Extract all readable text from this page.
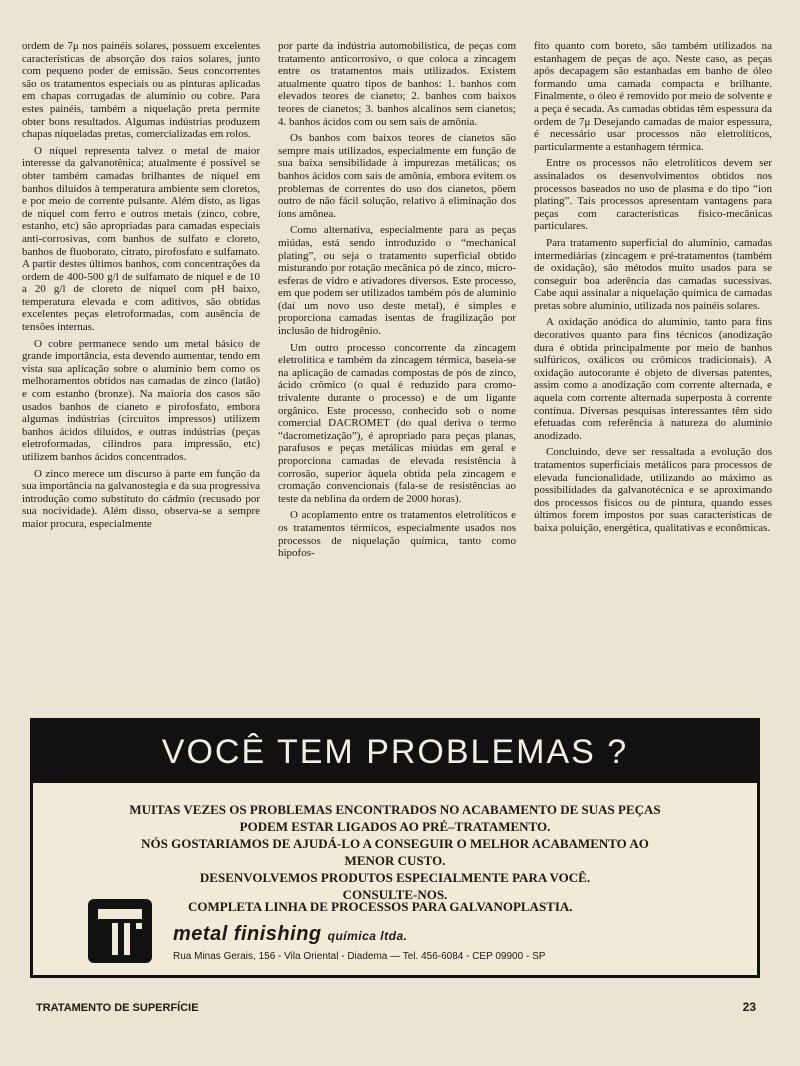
ordem de 7μ nos painéis solares, possuem excelentes características de absorção dos raios solares, junto com pequeno poder de emissão. Seus concorrentes são os tratamentos especiais ou as pinturas aplicadas em chapas corrugadas de alumínio ou cobre. Para estes painéis, também a niquelação preta permite obter bons resultados. Algumas indústrias produzem chapas niqueladas pretas, comercializadas em rolos.

O níquel representa talvez o metal de maior interesse da galvanotênica; atualmente é possível se obter também camadas brilhantes de níquel em banhos diluídos à temperatura ambiente sem cloretos, e por meio de corrente pulsante. Além disto, as ligas de níquel com ferro e outros metais (zinco, cobre, estanho, etc) são apropriadas para camadas especiais anti-corrosivas, com banhos de sulfato e cloreto, banhos de fluoborato, citrato, pirofosfato e sulfamato. A partir destes últimos banhos, com concentrações da ordem de 400-500 g/l de sulfamato de níquel e de 10 a 20 g/l de cloreto de níquel com pH baixo, temperatura elevada e com aditivos, são obtidas excelentes peças eletroformadas, com ausência de tensões internas.

O cobre permanece sendo um metal básico de grande importância, esta devendo aumentar, tendo em vista sua aplicação sobre o alumínio bem como os melhoramentos obtidos nas camadas de zinco (latão) e com estanho (bronze). Na maioria dos casos são usados banhos de cianeto e pirofosfato, embora algumas indústrias (circuitos impressos) utilizem banhos ácidos diluídos, e outras indústrias (peças eletroformadas, cilindros para impressão, etc) utilizem banhos ácidos concentrados.

O zinco merece um discurso à parte em função da sua importância na galvanostegia e da sua progressiva introdução como substituto do cádmio (recusado por sua nocividade). Além disso, observa-se a sempre maior procura, especialmente

por parte da indústria automobilística, de peças com tratamento anticorrosivo, o que coloca a zincagem entre os tratamentos mais utilizados. Existem atualmente quatro tipos de banhos: 1. banhos com elevados teores de cianeto; 2. banhos com baixos teores de cianetos; 3. banhos alcalinos sem cianetos; 4. banhos ácidos com ou sem sais de amônia.

Os banhos com baixos teores de cianetos são sempre mais utilizados, especialmente em função de sua baixa sensibilidade à impurezas metálicas; os banhos ácidos com sais de amônia, embora evitem os problemas de correntes do uso dos cianetos, põem outro de não fácil solução, relativo à eliminação dos íons amônea.

Como alternativa, especialmente para as peças miúdas, está sendo introduzido o “mechanical plating”, ou seja o tratamento superficial obtido misturando por rotação mecânica pó de zinco, micro-esferas de vidro e ativadores diversos. Este processo, em que podem ser utilizados também pós de alumínio (daí um novo uso deste metal), é simples e proporciona camadas isentas de fragilização por inclusão de hidrogênio.

Um outro processo concorrente da zincagem eletrolítica e também da zincagem térmica, baseia-se na aplicação de camadas compostas de pós de zinco, ácido crômico (o qual é reduzido para cromo-trivalente durante o processo) e de um ligante orgânico. Este processo, conhecido sob o nome comercial DACROMET (do qual deriva o termo “dacrometização”), é apropriado para peças planas, parafusos e peças metálicas miúdas em geral e proporciona camadas de elevada resistência à corrosão, superior àquela obtida pela zincagem e cromação convencionais (fala-se de resistências ao teste da neblina da ordem de 2000 horas).

O acoplamento entre os tratamentos eletrolíticos e os tratamentos térmicos, especialmente usados nos processos de niquelação química, tanto como hipofos-

fito quanto com boreto, são também utilizados na estanhagem de peças de aço. Neste caso, as peças após decapagem são estanhadas em banho de óleo formando uma camada compacta e brilhante. Finalmente, o óleo é removido por meio de solvente e a peça é secada. As camadas obtidas têm espessura da ordem de 7μ Desejando camadas de maior espessura, é necessário usar processos não eletrolíticos, particularmente a estanhagem térmica.

Entre os processos não eletrolíticos devem ser assinalados os desenvolvimentos obtidos nos processos baseados no uso de plasma e do tipo “ion plating”. Tais processos apresentam vantagens para peças com características físico-mecânicas particulares.

Para tratamento superficial do alumínio, camadas intermediárias (zincagem e pré-tratamentos (também de oxidação), são métodos muito usados para se conseguir boa aderência das camadas sucessivas. Cabe aqui assinalar a niquelação química de camadas pretas sobre alumínio, utilizada nos painéis solares.

A oxidação anódica do alumínio, tanto para fins decorativos quanto para fins técnicos (anodização dura é obtida principalmente por meio de banhos sulfúricos, oxálicos ou crômicos tradicionais). A oxidação autocorante é objeto de diversas patentes, assim como a anodização com corrente alternada, e aquela com corrente alternada superposta à corrente contínua. Diversas pesquisas interessantes têm sido efetuadas com referência à natureza do alumínio anodizado.

Concluindo, deve ser ressaltada a evolução dos tratamentos superficiais metálicos para processos de elevada funcionalidade, utilizando ao máximo as possibilidades da galvanotécnica e se aproximando dos processos físicos ou de pintura, quando esses últimos forem impostos por suas características de baixa poluição, energética, qualitativas e econômicas.

VOCÊ TEM PROBLEMAS ?
MUITAS VEZES OS PROBLEMAS ENCONTRADOS NO ACABAMENTO DE SUAS PEÇAS
PODEM ESTAR LIGADOS AO PRÉ–TRATAMENTO.
NÓS GOSTARIAMOS DE AJUDÁ-LO A CONSEGUIR O MELHOR ACABAMENTO AO
MENOR CUSTO.
DESENVOLVEMOS PRODUTOS ESPECIALMENTE PARA VOCÊ.
CONSULTE-NOS.
COMPLETA LINHA DE PROCESSOS PARA GALVANOPLASTIA.
metal finishing química ltda.
Rua Minas Gerais, 156 - Vila Oriental - Diadema — Tel. 456-6084 - CEP 09900 - SP
TRATAMENTO DE SUPERFÍCIE	23
